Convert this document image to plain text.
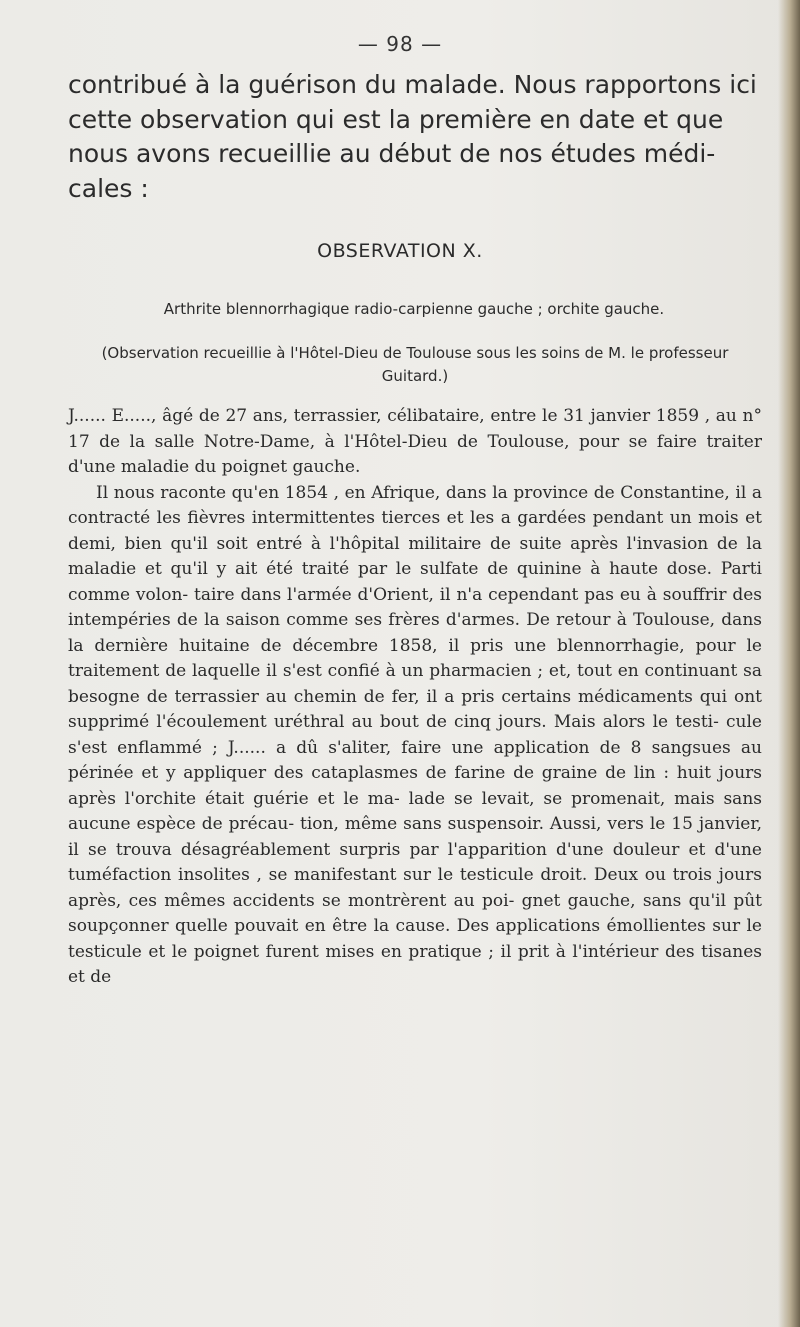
— 98 —

contribué à la guérison du malade. Nous rapportons ici cette observation qui est la première en date et que nous avons recueillie au début de nos études médi- cales :

OBSERVATION X.
Arthrite blennorrhagique radio-carpienne gauche ; orchite gauche.

(Observation recueillie à l'Hôtel-Dieu de Toulouse sous les soins de M. le professeur Guitard.)

J...... E....., âgé de 27 ans, terrassier, célibataire, entre le 31 janvier 1859 , au n° 17 de la salle Notre-Dame, à l'Hôtel-Dieu de Toulouse, pour se faire traiter d'une maladie du poignet gauche.

Il nous raconte qu'en 1854 , en Afrique, dans la province de Constantine, il a contracté les fièvres intermittentes tierces et les a gardées pendant un mois et demi, bien qu'il soit entré à l'hôpital militaire de suite après l'invasion de la maladie et qu'il y ait été traité par le sulfate de quinine à haute dose. Parti comme volon- taire dans l'armée d'Orient, il n'a cependant pas eu à souffrir des intempéries de la saison comme ses frères d'armes. De retour à Toulouse, dans la dernière huitaine de décembre 1858, il pris une blennorrhagie, pour le traitement de laquelle il s'est confié à un pharmacien ; et, tout en continuant sa besogne de terrassier au chemin de fer, il a pris certains médicaments qui ont supprimé l'écoulement uréthral au bout de cinq jours. Mais alors le testi- cule s'est enflammé ; J...... a dû s'aliter, faire une application de 8 sangsues au périnée et y appliquer des cataplasmes de farine de graine de lin : huit jours après l'orchite était guérie et le ma- lade se levait, se promenait, mais sans aucune espèce de précau- tion, même sans suspensoir. Aussi, vers le 15 janvier, il se trouva désagréablement surpris par l'apparition d'une douleur et d'une tuméfaction insolites , se manifestant sur le testicule droit. Deux ou trois jours après, ces mêmes accidents se montrèrent au poi- gnet gauche, sans qu'il pût soupçonner quelle pouvait en être la cause. Des applications émollientes sur le testicule et le poignet furent mises en pratique ; il prit à l'intérieur des tisanes et de
